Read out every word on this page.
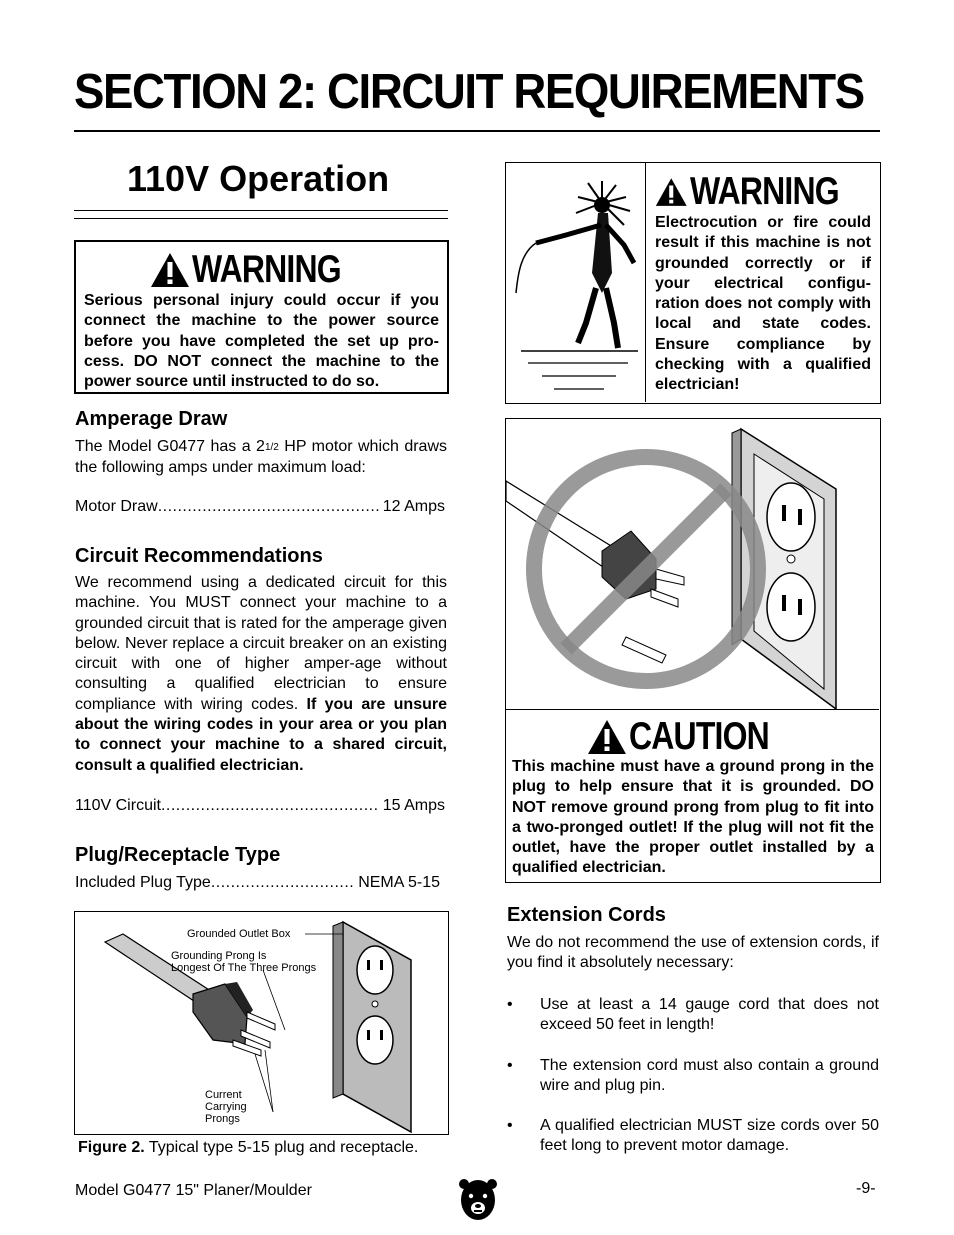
SECTION 2: CIRCUIT REQUIREMENTS
110V Operation
WARNING
Serious personal injury could occur if you connect the machine to the power source before you have completed the set up pro-cess. DO NOT connect the machine to the power source until instructed to do so.
Amperage Draw
The Model G0477 has a 21/2 HP motor which draws the following amps under maximum load:
Motor Draw .....	12 Amps
Circuit Recommendations
We recommend using a dedicated circuit for this machine. You MUST connect your machine to a grounded circuit that is rated for the amperage given below. Never replace a circuit breaker on an existing circuit with one of higher amper-age without consulting a qualified electrician to ensure compliance with wiring codes. If you are unsure about the wiring codes in your area or you plan to connect your machine to a shared circuit, consult a qualified electrician.
110V Circuit .....	15 Amps
Plug/Receptacle Type
Included Plug Type .....	NEMA 5-15
Grounded Outlet Box
Grounding Prong Is
Longest Of The Three Prongs
Current
Carrying
Prongs
Figure 2. Typical type 5-15 plug and receptacle.
WARNING
Electrocution or fire could result if this machine is not grounded correctly or if your electrical configu-ration does not comply with local and state codes. Ensure compliance by checking with a qualified electrician!
CAUTION
This machine must have a ground prong in the plug to help ensure that it is grounded. DO NOT remove ground prong from plug to fit into a two-pronged outlet! If the plug will not fit the outlet, have the proper outlet installed by a qualified electrician.
Extension Cords
We do not recommend the use of extension cords, if you find it absolutely necessary:
•	Use at least a 14 gauge cord that does not exceed 50 feet in length!
•	The extension cord must also contain a ground wire and plug pin.
•	A qualified electrician MUST size cords over 50 feet long to prevent motor damage.
Model G0477 15" Planer/Moulder	-9-
